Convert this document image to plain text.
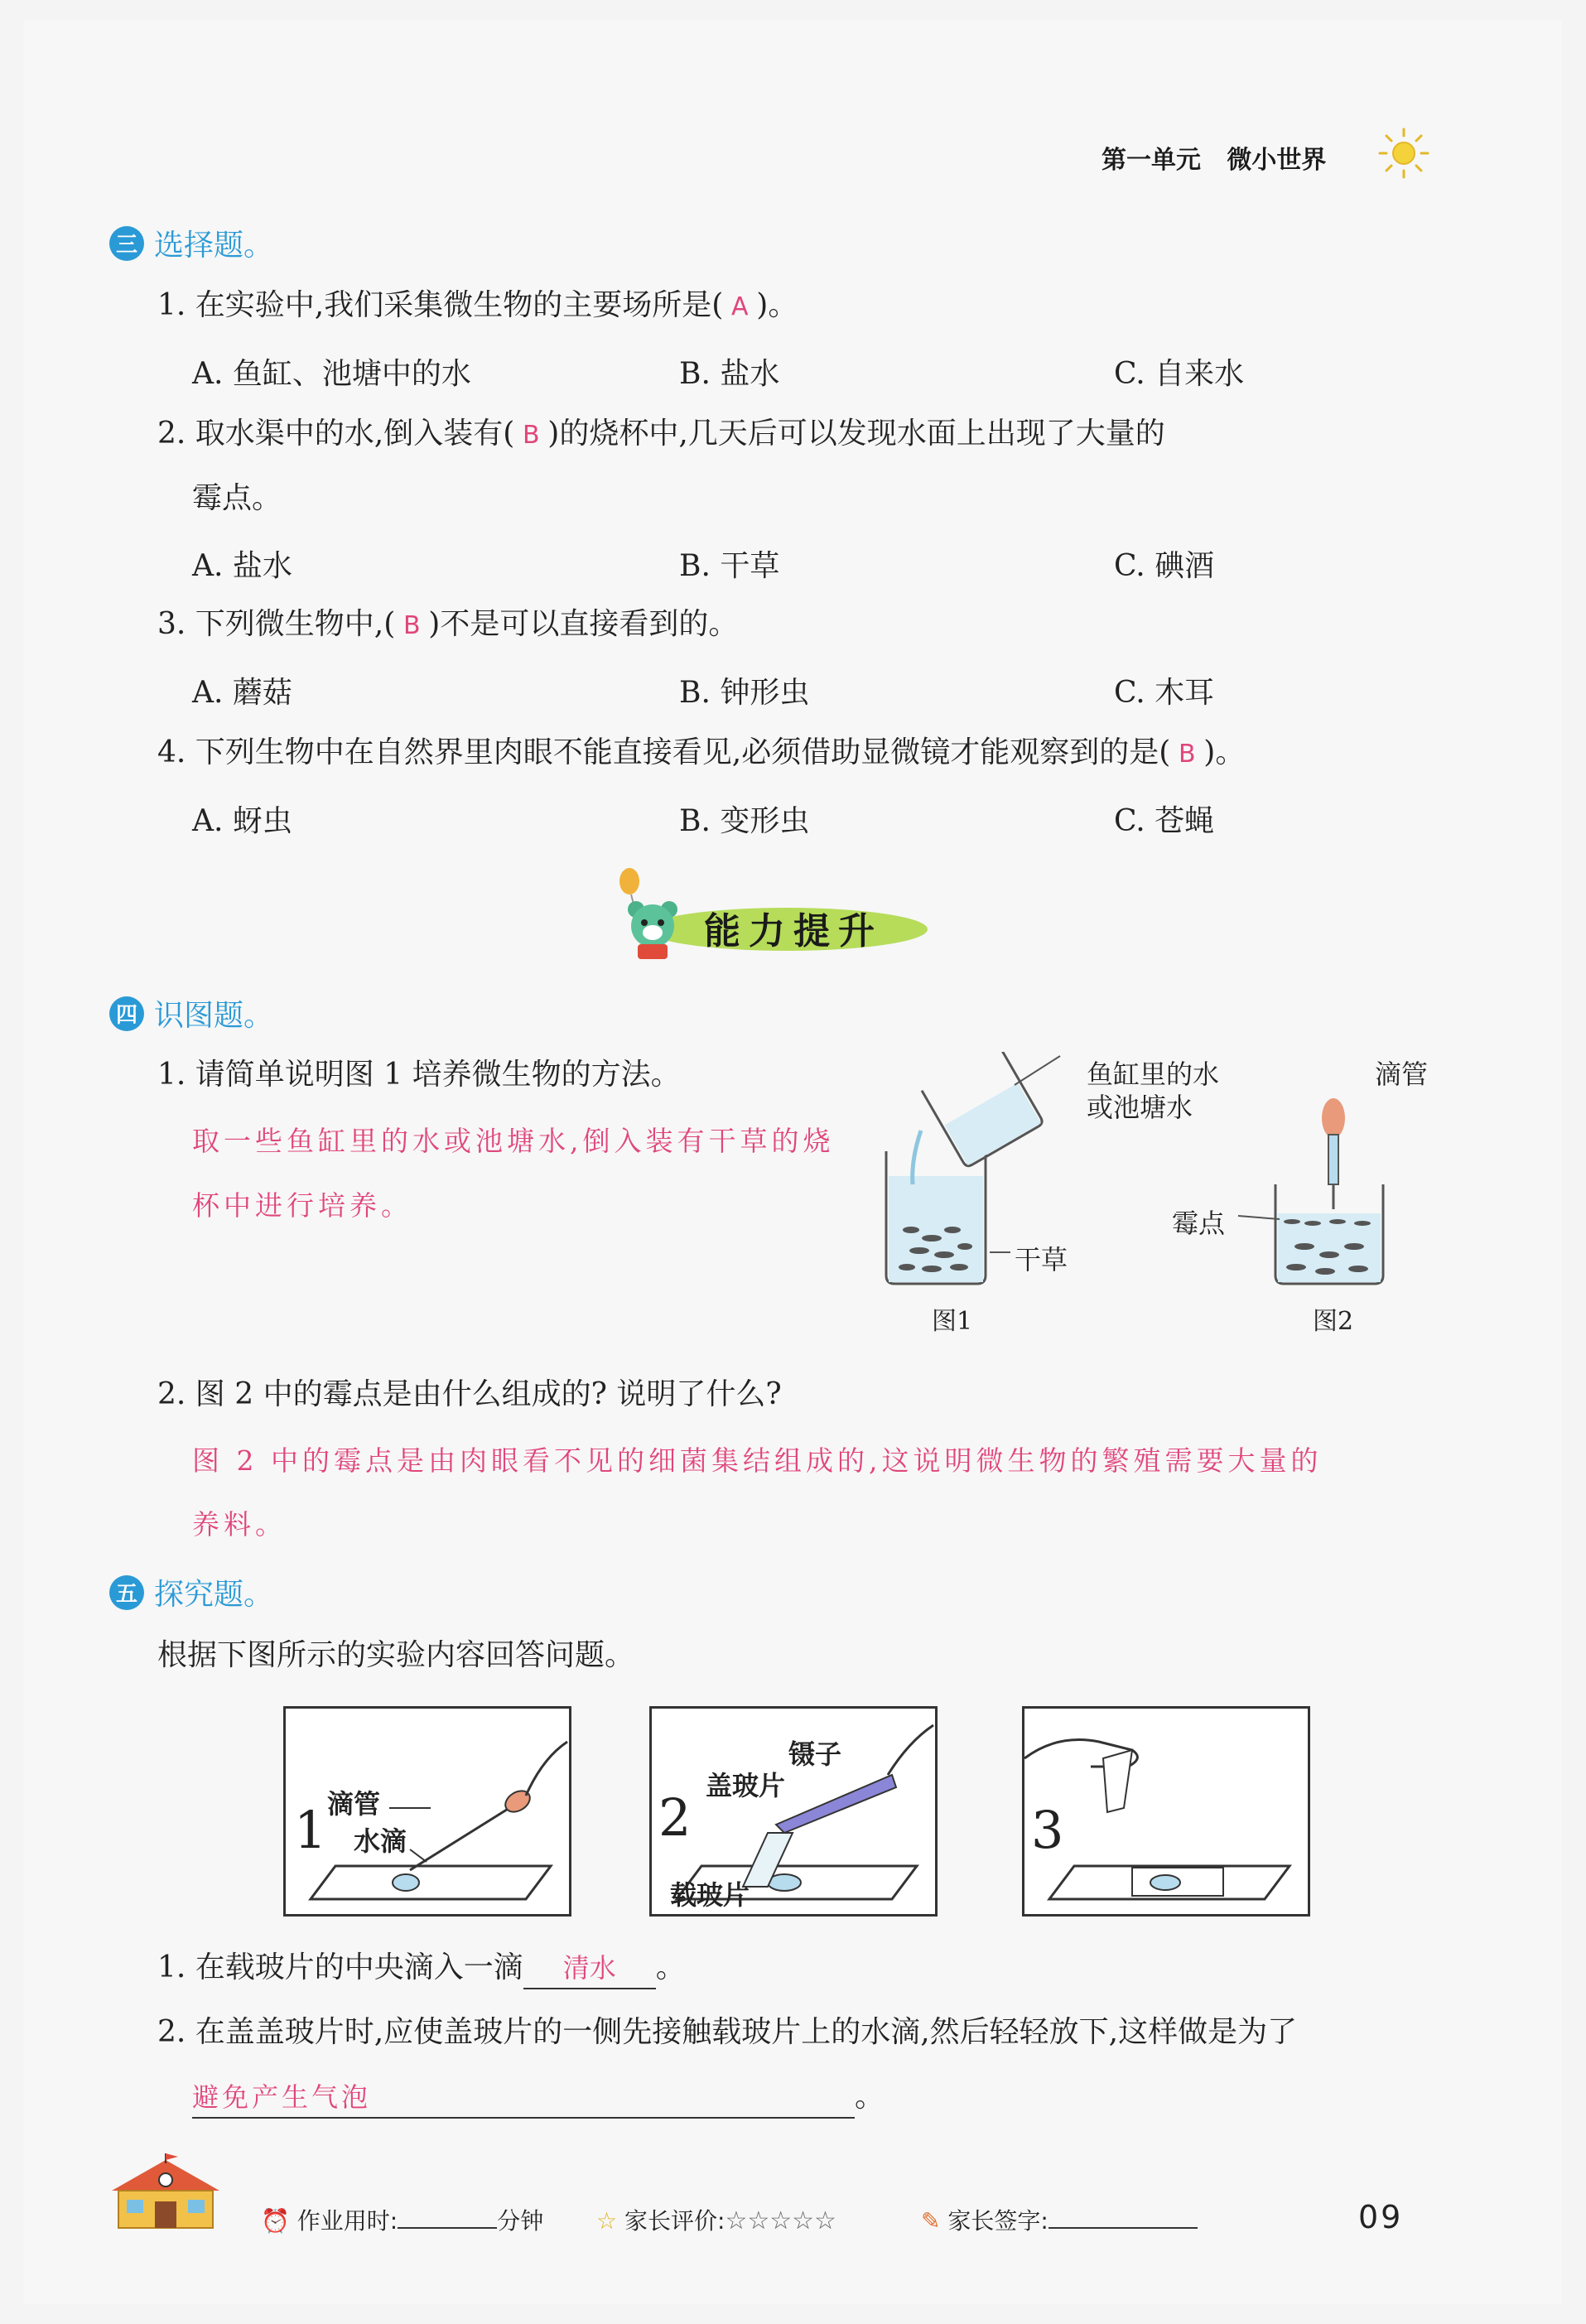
第一单元 微小世界
三 选择题。
1. 在实验中,我们采集微生物的主要场所是( A )。
A. 鱼缸、池塘中的水	B. 盐水	C. 自来水
2. 取水渠中的水,倒入装有( B )的烧杯中,几天后可以发现水面上出现了大量的
霉点。
A. 盐水	B. 干草	C. 碘酒
3. 下列微生物中,( B )不是可以直接看到的。
A. 蘑菇	B. 钟形虫	C. 木耳
4. 下列生物中在自然界里肉眼不能直接看见,必须借助显微镜才能观察到的是( B )。
A. 蚜虫	B. 变形虫	C. 苍蝇
能力提升
四 识图题。
1. 请简单说明图 1 培养微生物的方法。
取一些鱼缸里的水或池塘水,倒入装有干草的烧
杯中进行培养。
鱼缸里的水
或池塘水
滴管
霉点
干草
图1	图2
2. 图 2 中的霉点是由什么组成的? 说明了什么?
图 2 中的霉点是由肉眼看不见的细菌集结组成的,这说明微生物的繁殖需要大量的
养料。
五 探究题。
根据下图所示的实验内容回答问题。
1 滴管
水滴	2
镊子
盖玻片
载玻片
3
1. 在载玻片的中央滴入一滴 清水 。
2. 在盖盖玻片时,应使盖玻片的一侧先接触载玻片上的水滴,然后轻轻放下,这样做是为了
避免产生气泡	。
⏰ 作业用时:	分钟 ☆ 家长评价:☆☆☆☆☆	✎ 家长签字:	09
